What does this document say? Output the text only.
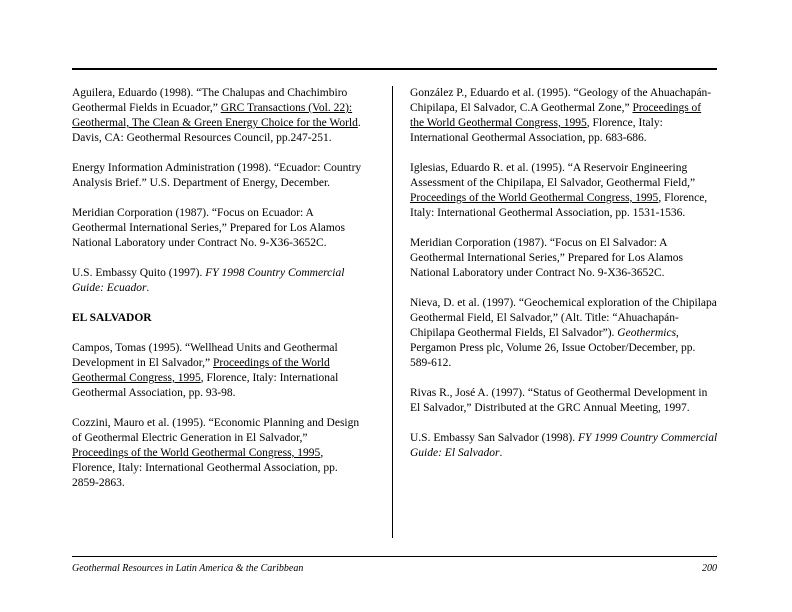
Aguilera, Eduardo (1998). “The Chalupas and Chachimbiro Geothermal Fields in Ecuador,” GRC Transactions (Vol. 22): Geothermal, The Clean & Green Energy Choice for the World. Davis, CA: Geothermal Resources Council, pp.247-251.

Energy Information Administration (1998). “Ecuador: Country Analysis Brief.” U.S. Department of Energy, December.

Meridian Corporation (1987). “Focus on Ecuador: A Geothermal International Series,” Prepared for Los Alamos National Laboratory under Contract No. 9-X36-3652C.

U.S. Embassy Quito (1997). FY 1998 Country Commercial Guide: Ecuador.

EL SALVADOR

Campos, Tomas (1995). “Wellhead Units and Geothermal Development in El Salvador,” Proceedings of the World Geothermal Congress, 1995, Florence, Italy: International Geothermal Association, pp. 93-98.

Cozzini, Mauro et al. (1995). “Economic Planning and Design of Geothermal Electric Generation in El Salvador,” Proceedings of the World Geothermal Congress, 1995, Florence, Italy: International Geothermal Association, pp. 2859-2863.

González P., Eduardo et al. (1995). “Geology of the Ahuachapán-Chipilapa, El Salvador, C.A Geothermal Zone,” Proceedings of the World Geothermal Congress, 1995, Florence, Italy: International Geothermal Association, pp. 683-686.

Iglesias, Eduardo R. et al. (1995). “A Reservoir Engineering Assessment of the Chipilapa, El Salvador, Geothermal Field,” Proceedings of the World Geothermal Congress, 1995, Florence, Italy: International Geothermal Association, pp. 1531-1536.

Meridian Corporation (1987). “Focus on El Salvador: A Geothermal International Series,” Prepared for Los Alamos National Laboratory under Contract No. 9-X36-3652C.

Nieva, D. et al. (1997). “Geochemical exploration of the Chipilapa Geothermal Field, El Salvador,” (Alt. Title: “Ahuachapán-Chipilapa Geothermal Fields, El Salvador”). Geothermics, Pergamon Press plc, Volume 26, Issue October/December, pp. 589-612.

Rivas R., José A. (1997). “Status of Geothermal Development in El Salvador,” Distributed at the GRC Annual Meeting, 1997.

U.S. Embassy San Salvador (1998). FY 1999 Country Commercial Guide: El Salvador.

Geothermal Resources in Latin America & the Caribbean	200
